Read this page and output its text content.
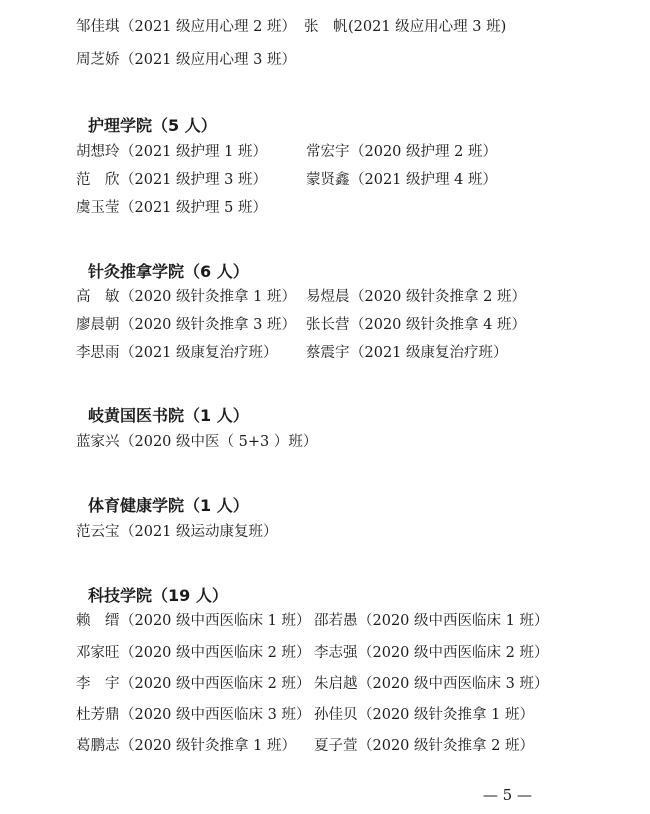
邹佳琪（2021 级应用心理 2 班） 张　帆(2021 级应用心理 3 班)
周芝娇（2021 级应用心理 3 班）
护理学院（5 人）
胡想玲（2021 级护理 1 班）	常宏宇（2020 级护理 2 班）
范　欣（2021 级护理 3 班）	蒙贤鑫（2021 级护理 4 班）
虞玉莹（2021 级护理 5 班）
针灸推拿学院（6 人）
高　敏（2020 级针灸推拿 1 班） 易煜晨（2020 级针灸推拿 2 班）
廖晨朝（2020 级针灸推拿 3 班） 张长营（2020 级针灸推拿 4 班）
李思雨（2021 级康复治疗班） 蔡震宇（2021 级康复治疗班）
岐黄国医书院（1 人）
蓝家兴（2020 级中医（ 5+3 ）班）
体育健康学院（1 人）
范云宝（2021 级运动康复班）
科技学院（19 人）
赖　缙（2020 级中西医临床 1 班） 邵若愚（2020 级中西医临床 1 班）
邓家旺（2020 级中西医临床 2 班） 李志强（2020 级中西医临床 2 班）
李　宇（2020 级中西医临床 2 班） 朱启越（2020 级中西医临床 3 班）
杜芳鼎（2020 级中西医临床 3 班） 孙佳贝（2020 级针灸推拿 1 班）
葛鹏志（2020 级针灸推拿 1 班） 夏子萱（2020 级针灸推拿 2 班）
— 5 —
